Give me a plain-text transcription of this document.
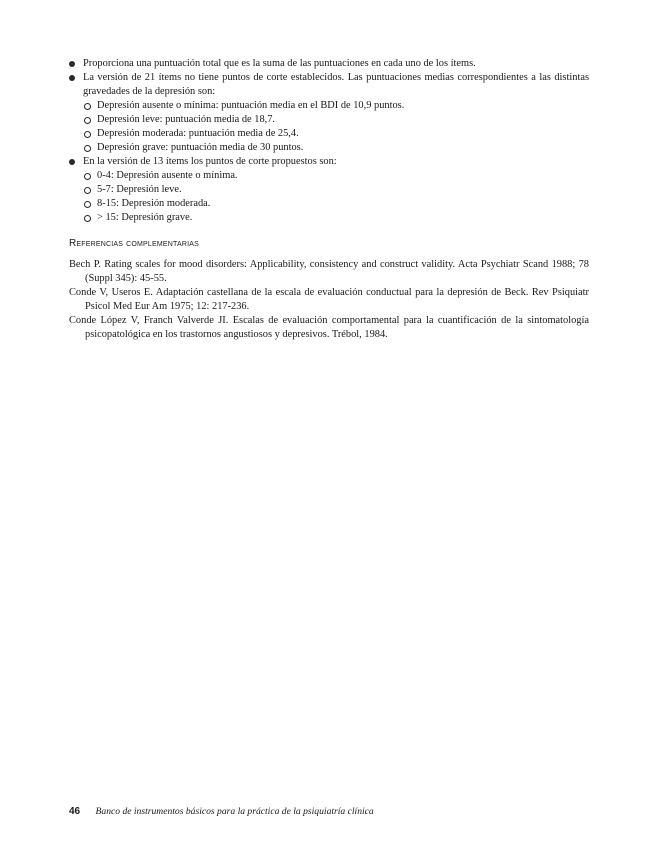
Proporciona una puntuación total que es la suma de las puntuaciones en cada uno de los ítems.
La versión de 21 ítems no tiene puntos de corte establecidos. Las puntuaciones medias correspondientes a las distintas gravedades de la depresión son:
Depresión ausente o mínima: puntuación media en el BDI de 10,9 puntos.
Depresión leve: puntuación media de 18,7.
Depresión moderada: puntuación media de 25,4.
Depresión grave: puntuación media de 30 puntos.
En la versión de 13 ítems los puntos de corte propuestos son:
0-4: Depresión ausente o mínima.
5-7: Depresión leve.
8-15: Depresión moderada.
> 15: Depresión grave.
Referencias complementarias

Bech P. Rating scales for mood disorders: Applicability, consistency and construct validity. Acta Psychiatr Scand 1988; 78 (Suppl 345): 45-55.

Conde V, Useros E. Adaptación castellana de la escala de evaluación conductual para la depresión de Beck. Rev Psiquiatr Psicol Med Eur Am 1975; 12: 217-236.

Conde López V, Franch Valverde JI. Escalas de evaluación comportamental para la cuantificación de la sintomatología psicopatológica en los trastornos angustiosos y depresivos. Trébol, 1984.

46 Banco de instrumentos básicos para la práctica de la psiquiatría clínica
